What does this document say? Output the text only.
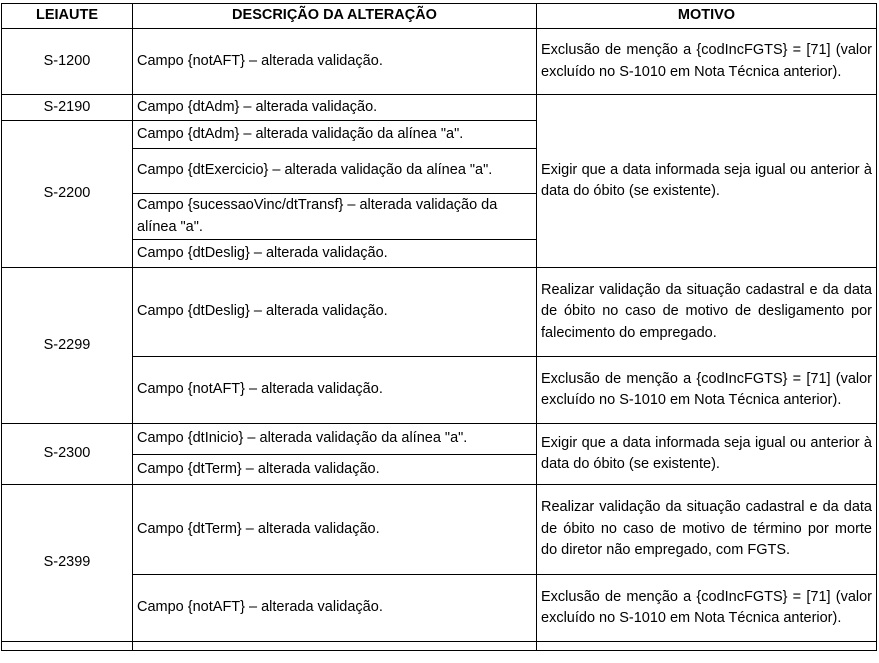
LEIAUTE	DESCRIÇÃO DA ALTERAÇÃO	MOTIVO
S-1200	Campo {notAFT} – alterada validação.	Exclusão de menção a {codIncFGTS} = [71] (valor excluído no S-1010 em Nota Técnica anterior).
S-2190	Campo {dtAdm} – alterada validação.	Exigir que a data informada seja igual ou anterior à data do óbito (se existente).
S-2200	Campo {dtAdm} – alterada validação da alínea "a".	
	Campo {dtExercicio} – alterada validação da alínea "a".	
	Campo {sucessaoVinc/dtTransf} – alterada validação da alínea "a".	
	Campo {dtDeslig} – alterada validação.	
S-2299	Campo {dtDeslig} – alterada validação.	Realizar validação da situação cadastral e da data de óbito no caso de motivo de desligamento por falecimento do empregado.
	Campo {notAFT} – alterada validação.	Exclusão de menção a {codIncFGTS} = [71] (valor excluído no S-1010 em Nota Técnica anterior).
S-2300	Campo {dtInicio} – alterada validação da alínea "a".	Exigir que a data informada seja igual ou anterior à data do óbito (se existente).
	Campo {dtTerm} – alterada validação.	
S-2399	Campo {dtTerm} – alterada validação.	Realizar validação da situação cadastral e da data de óbito no caso de motivo de término por morte do diretor não empregado, com FGTS.
	Campo {notAFT} – alterada validação.	Exclusão de menção a {codIncFGTS} = [71] (valor excluído no S-1010 em Nota Técnica anterior).
